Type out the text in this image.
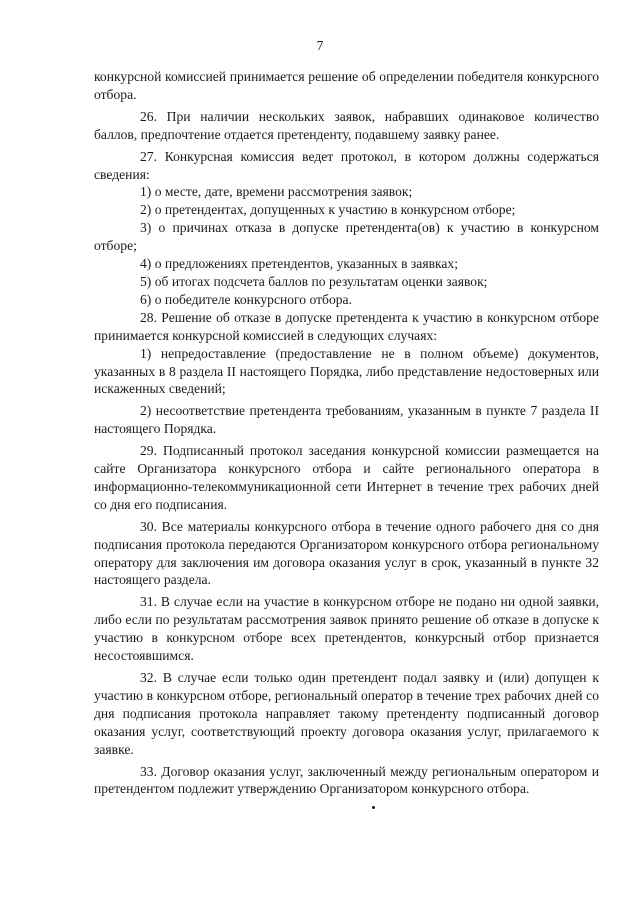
7

конкурсной комиссией принимается решение об определении победителя конкурсного отбора.

26. При наличии нескольких заявок, набравших одинаковое количество баллов, предпочтение отдается претенденту, подавшему заявку ранее.

27. Конкурсная комиссия ведет протокол, в котором должны содержаться сведения:

1) о месте, дате, времени рассмотрения заявок;

2) о претендентах, допущенных к участию в конкурсном отборе;

3) о причинах отказа в допуске претендента(ов) к участию в конкурсном отборе;

4) о предложениях претендентов, указанных в заявках;

5) об итогах подсчета баллов по результатам оценки заявок;

6) о победителе конкурсного отбора.

28. Решение об отказе в допуске претендента к участию в конкурсном отборе принимается конкурсной комиссией в следующих случаях:

1) непредоставление (предоставление не в полном объеме) документов, указанных в 8 раздела II настоящего Порядка, либо представление недостоверных или искаженных сведений;

2) несоответствие претендента требованиям, указанным в пункте 7 раздела II настоящего Порядка.

29. Подписанный протокол заседания конкурсной комиссии размещается на сайте Организатора конкурсного отбора и сайте регионального оператора в информационно-телекоммуникационной сети Интернет в течение трех рабочих дней со дня его подписания.

30. Все материалы конкурсного отбора в течение одного рабочего дня со дня подписания протокола передаются Организатором конкурсного отбора региональному оператору для заключения им договора оказания услуг в срок, указанный в пункте 32 настоящего раздела.

31. В случае если на участие в конкурсном отборе не подано ни одной заявки, либо если по результатам рассмотрения заявок принято решение об отказе в допуске к участию в конкурсном отборе всех претендентов, конкурсный отбор признается несостоявшимся.

32. В случае если только один претендент подал заявку и (или) допущен к участию в конкурсном отборе, региональный оператор в течение трех рабочих дней со дня подписания протокола направляет такому претенденту подписанный договор оказания услуг, соответствующий проекту договора оказания услуг, прилагаемого к заявке.

33. Договор оказания услуг, заключенный между региональным оператором и претендентом подлежит утверждению Организатором конкурсного отбора.
